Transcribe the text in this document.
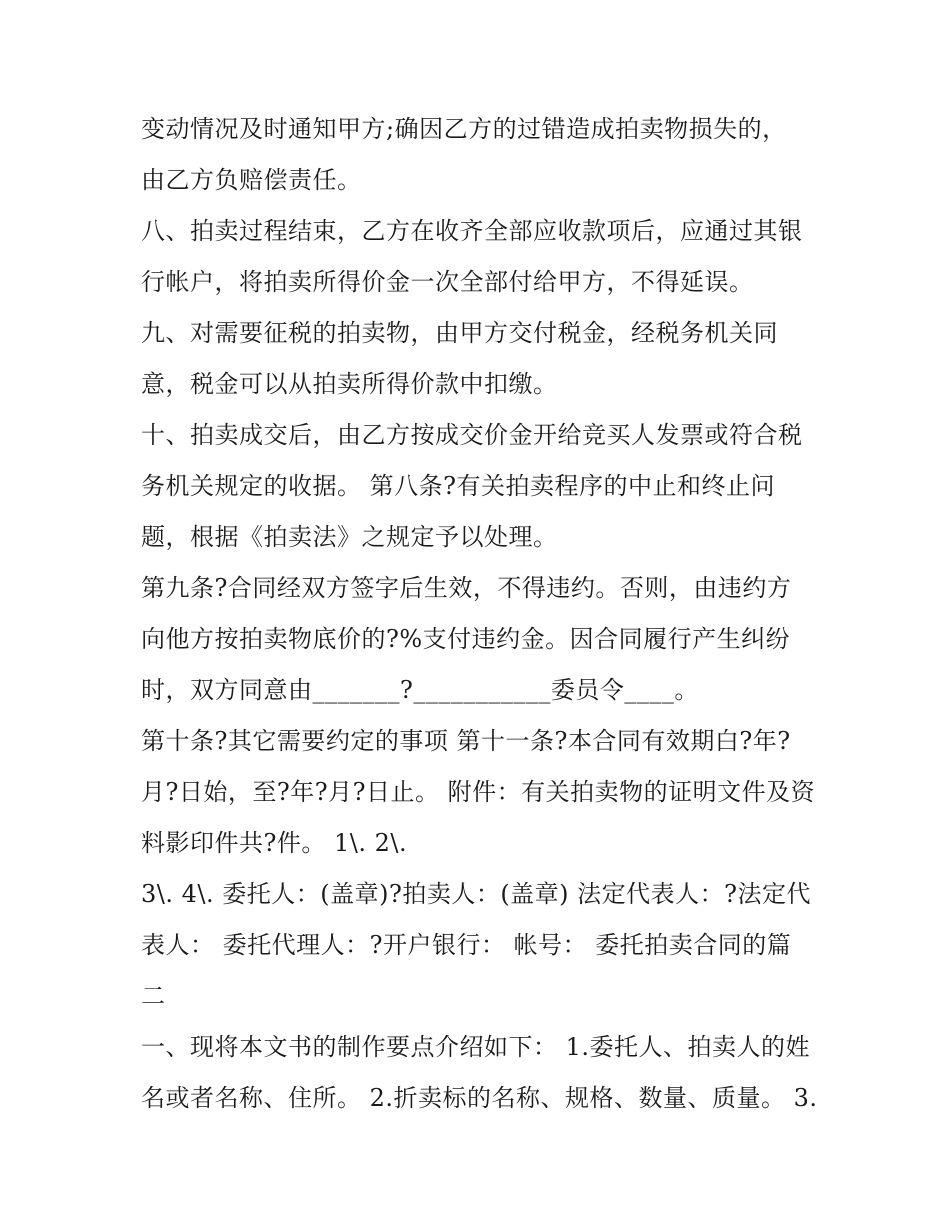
变动情况及时通知甲方;确因乙方的过错造成拍卖物损失的，
由乙方负赔偿责任。
八、拍卖过程结束，乙方在收齐全部应收款项后，应通过其银
行帐户，将拍卖所得价金一次全部付给甲方，不得延误。
九、对需要征税的拍卖物，由甲方交付税金，经税务机关同
意，税金可以从拍卖所得价款中扣缴。
十、拍卖成交后，由乙方按成交价金开给竞买人发票或符合税
务机关规定的收据。 第八条?有关拍卖程序的中止和终止问
题，根据《拍卖法》之规定予以处理。
第九条?合同经双方签字后生效，不得违约。否则，由违约方
向他方按拍卖物底价的?%支付违约金。因合同履行产生纠纷
时，双方同意由_______?___________委员令____。
第十条?其它需要约定的事项 第十一条?本合同有效期白?年?
月?日始，至?年?月?日止。 附件：有关拍卖物的证明文件及资
料影印件共?件。 1\. 2\.
3\. 4\. 委托人：(盖章)?拍卖人：(盖章) 法定代表人：?法定代
表人： 委托代理人：?开户银行： 帐号： 委托拍卖合同的篇
二
一、现将本文书的制作要点介绍如下： 1.委托人、拍卖人的姓
名或者名称、住所。 2.折卖标的名称、规格、数量、质量。 3.
